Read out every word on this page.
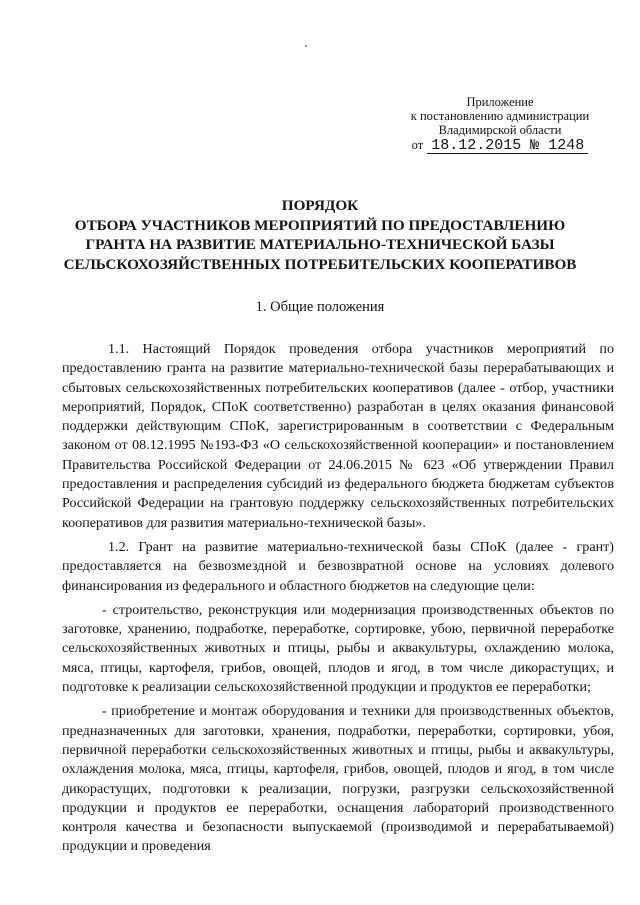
Приложение
к постановлению администрации
Владимирской области
от 18.12.2015 № 1248
ПОРЯДОК
ОТБОРА УЧАСТНИКОВ МЕРОПРИЯТИЙ ПО ПРЕДОСТАВЛЕНИЮ
ГРАНТА НА РАЗВИТИЕ МАТЕРИАЛЬНО-ТЕХНИЧЕСКОЙ БАЗЫ
СЕЛЬСКОХОЗЯЙСТВЕННЫХ ПОТРЕБИТЕЛЬСКИХ КООПЕРАТИВОВ
1. Общие положения

1.1. Настоящий Порядок проведения отбора участников мероприятий по предоставлению гранта на развитие материально-технической базы перерабатывающих и сбытовых сельскохозяйственных потребительских кооперативов (далее - отбор, участники мероприятий, Порядок, СПоК соответственно) разработан в целях оказания финансовой поддержки действующим СПоК, зарегистрированным в соответствии с Федеральным законом от 08.12.1995 №193-ФЗ «О сельскохозяйственной кооперации» и постановлением Правительства Российской Федерации от 24.06.2015 № 623 «Об утверждении Правил предоставления и распределения субсидий из федерального бюджета бюджетам субъектов Российской Федерации на грантовую поддержку сельскохозяйственных потребительских кооперативов для развития материально-технической базы».

1.2. Грант на развитие материально-технической базы СПоК (далее - грант) предоставляется на безвозмездной и безвозвратной основе на условиях долевого финансирования из федерального и областного бюджетов на следующие цели:

- строительство, реконструкция или модернизация производственных объектов по заготовке, хранению, подработке, переработке, сортировке, убою, первичной переработке сельскохозяйственных животных и птицы, рыбы и аквакультуры, охлаждению молока, мяса, птицы, картофеля, грибов, овощей, плодов и ягод, в том числе дикорастущих, и подготовке к реализации сельскохозяйственной продукции и продуктов ее переработки;

- приобретение и монтаж оборудования и техники для производственных объектов, предназначенных для заготовки, хранения, подработки, переработки, сортировки, убоя, первичной переработки сельскохозяйственных животных и птицы, рыбы и аквакультуры, охлаждения молока, мяса, птицы, картофеля, грибов, овощей, плодов и ягод, в том числе дикорастущих, подготовки к реализации, погрузки, разгрузки сельскохозяйственной продукции и продуктов ее переработки, оснащения лабораторий производственного контроля качества и безопасности выпускаемой (производимой и перерабатываемой) продукции и проведения
